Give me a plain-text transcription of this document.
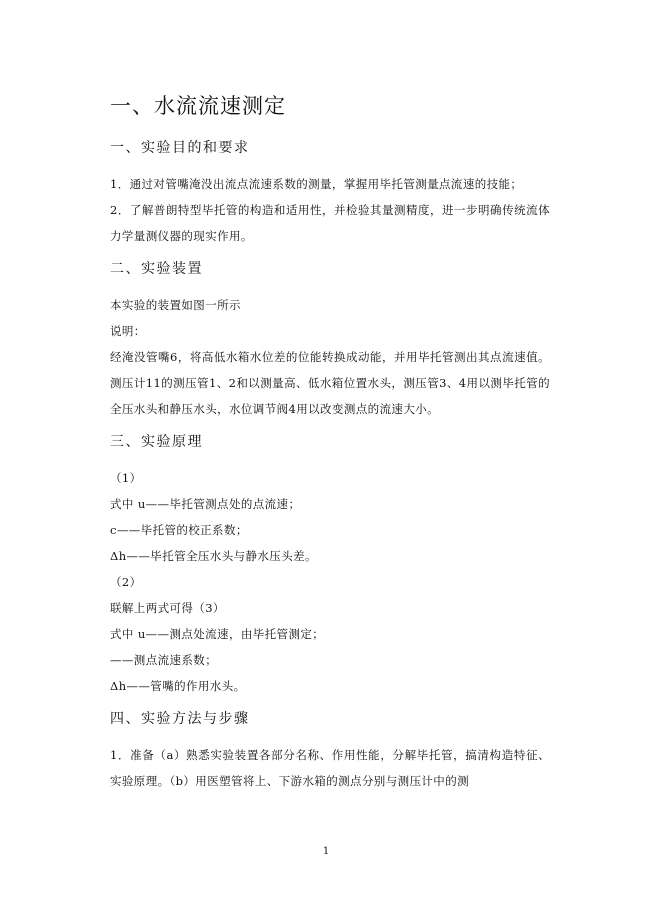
一、水流流速测定
一、实验目的和要求

1．通过对管嘴淹没出流点流速系数的测量，掌握用毕托管测量点流速的技能；

2．了解普朗特型毕托管的构造和适用性，并检验其量测精度，进一步明确传统流体力学量测仪器的现实作用。

二、实验装置

本实验的装置如图一所示

说明：

经淹没管嘴6，将高低水箱水位差的位能转换成动能，并用毕托管测出其点流速值。测压计11的测压管1、2和以测量高、低水箱位置水头，测压管3、4用以测毕托管的全压水头和静压水头，水位调节阀4用以改变测点的流速大小。

三、实验原理

（1）

式中 u——毕托管测点处的点流速；

c——毕托管的校正系数；

Δh——毕托管全压水头与静水压头差。

（2）

联解上两式可得（3）

式中 u——测点处流速，由毕托管测定；

——测点流速系数；

Δh——管嘴的作用水头。

四、实验方法与步骤

1．准备（a）熟悉实验装置各部分名称、作用性能，分解毕托管，搞清构造特征、实验原理。（b）用医塑管将上、下游水箱的测点分别与测压计中的测

1
